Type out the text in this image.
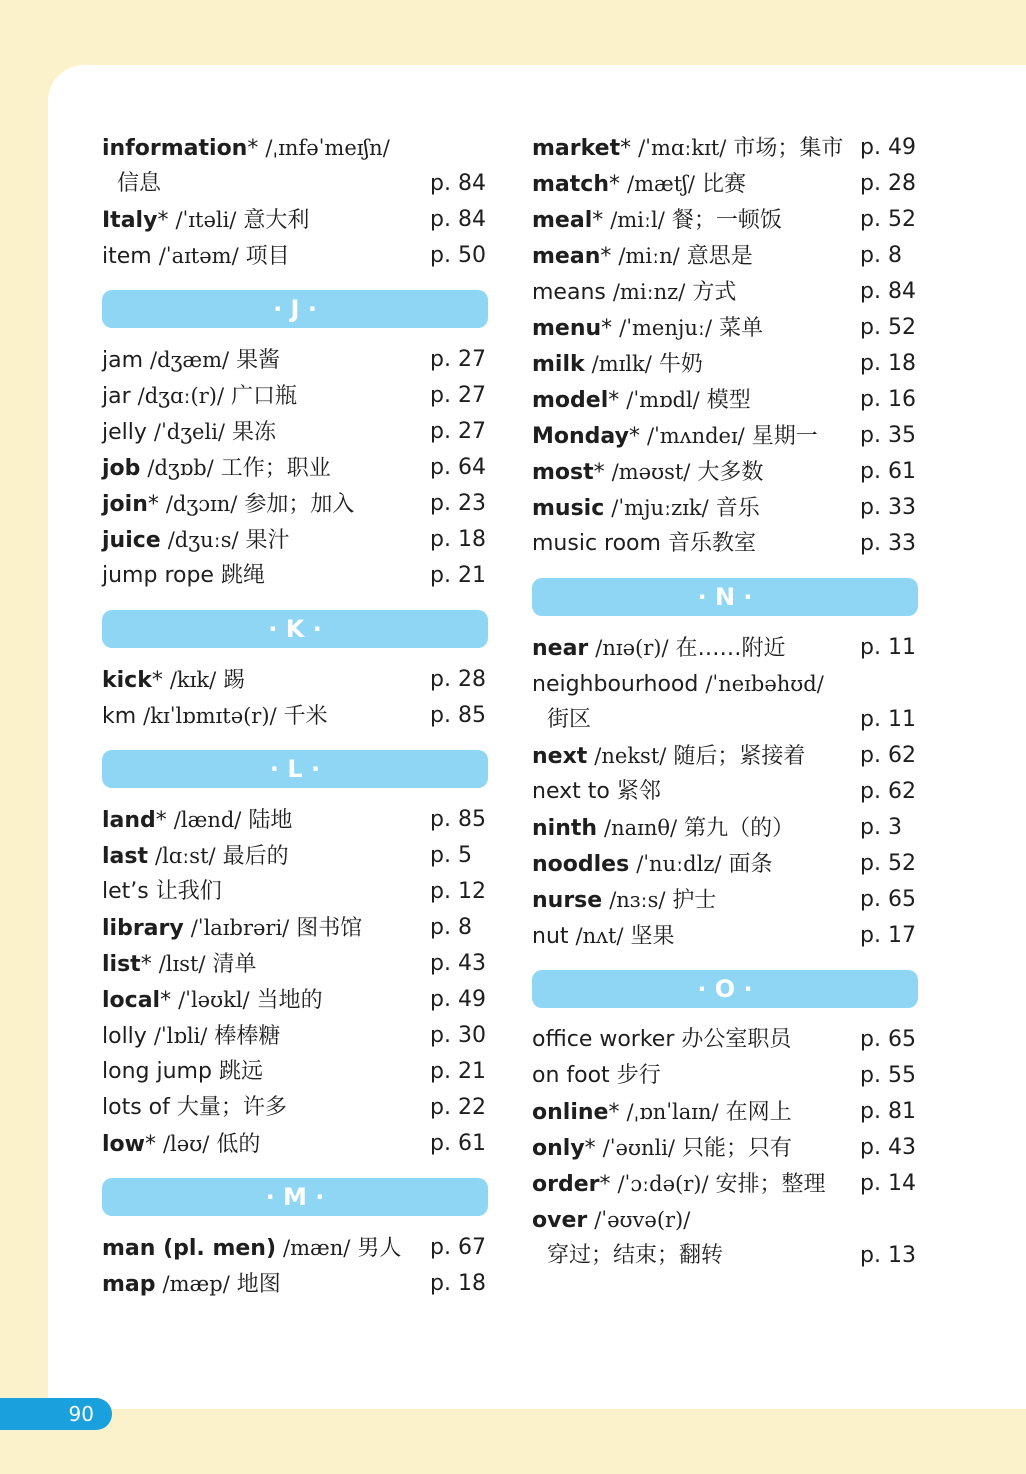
information* /ˌɪnfəˈmeɪʃn/
信息	p. 84
Italy* /ˈɪtəli/ 意大利	p. 84
item /ˈaɪtəm/ 项目	p. 50
· J ·
jam /dʒæm/ 果酱	p. 27
jar /dʒɑː(r)/ 广口瓶	p. 27
jelly /ˈdʒeli/ 果冻	p. 27
job /dʒɒb/ 工作；职业	p. 64
join* /dʒɔɪn/ 参加；加入	p. 23
juice /dʒuːs/ 果汁	p. 18
jump rope 跳绳	p. 21
· K ·
kick* /kɪk/ 踢	p. 28
km /kɪˈlɒmɪtə(r)/ 千米	p. 85
· L ·
land* /lænd/ 陆地	p. 85
last /lɑːst/ 最后的	p. 5
let’s 让我们	p. 12
library /ˈlaɪbrəri/ 图书馆	p. 8
list* /lɪst/ 清单	p. 43
local* /ˈləʊkl/ 当地的	p. 49
lolly /ˈlɒli/ 棒棒糖	p. 30
long jump 跳远	p. 21
lots of 大量；许多	p. 22
low* /ləʊ/ 低的	p. 61
· M ·
man (pl. men) /mæn/ 男人 p. 67
map /mæp/ 地图	p. 18
market* /ˈmɑːkɪt/ 市场；集市 p. 49
match* /mætʃ/ 比赛	p. 28
meal* /miːl/ 餐；一顿饭	p. 52
mean* /miːn/ 意思是	p. 8
means /miːnz/ 方式	p. 84
menu* /ˈmenjuː/ 菜单	p. 52
milk /mɪlk/ 牛奶	p. 18
model* /ˈmɒdl/ 模型	p. 16
Monday* /ˈmʌndeɪ/ 星期一 p. 35
most* /məʊst/ 大多数	p. 61
music /ˈmjuːzɪk/ 音乐	p. 33
music room 音乐教室	p. 33
· N ·
near /nɪə(r)/ 在……附近	p. 11
neighbourhood /ˈneɪbəhʊd/
街区	p. 11
next /nekst/ 随后；紧接着 p. 62
next to 紧邻	p. 62
ninth /naɪnθ/ 第九（的）	p. 3
noodles /ˈnuːdlz/ 面条	p. 52
nurse /nɜːs/ 护士	p. 65
nut /nʌt/ 坚果	p. 17
· O ·
office worker 办公室职员	p. 65
on foot 步行	p. 55
online* /ˌɒnˈlaɪn/ 在网上	p. 81
only* /ˈəʊnli/ 只能；只有	p. 43
order* /ˈɔːdə(r)/ 安排；整理 p. 14
over /ˈəʊvə(r)/
穿过；结束；翻转	p. 13
90
